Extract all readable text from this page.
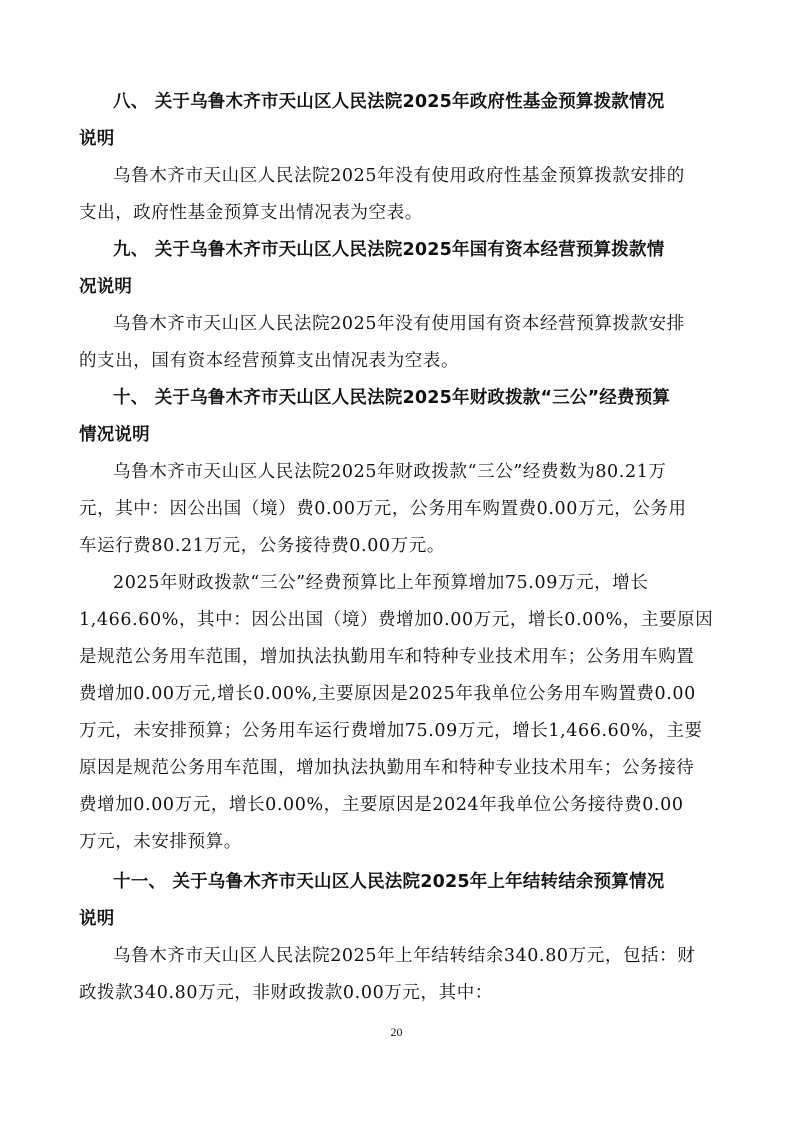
八、 关于乌鲁木齐市天山区人民法院2025年政府性基金预算拨款情况
说明
乌鲁木齐市天山区人民法院2025年没有使用政府性基金预算拨款安排的
支出，政府性基金预算支出情况表为空表。
九、 关于乌鲁木齐市天山区人民法院2025年国有资本经营预算拨款情
况说明
乌鲁木齐市天山区人民法院2025年没有使用国有资本经营预算拨款安排
的支出，国有资本经营预算支出情况表为空表。
十、 关于乌鲁木齐市天山区人民法院2025年财政拨款“三公”经费预算
情况说明
乌鲁木齐市天山区人民法院2025年财政拨款“三公”经费数为80.21万
元，其中：因公出国（境）费0.00万元，公务用车购置费0.00万元，公务用
车运行费80.21万元，公务接待费0.00万元。
2025年财政拨款“三公”经费预算比上年预算增加75.09万元，增长
1,466.60%，其中：因公出国（境）费增加0.00万元，增长0.00%，主要原因
是规范公务用车范围，增加执法执勤用车和特种专业技术用车；公务用车购置
费增加0.00万元,增长0.00%,主要原因是2025年我单位公务用车购置费0.00
万元，未安排预算；公务用车运行费增加75.09万元，增长1,466.60%，主要
原因是规范公务用车范围，增加执法执勤用车和特种专业技术用车；公务接待
费增加0.00万元，增长0.00%，主要原因是2024年我单位公务接待费0.00
万元，未安排预算。
十一、 关于乌鲁木齐市天山区人民法院2025年上年结转结余预算情况
说明
乌鲁木齐市天山区人民法院2025年上年结转结余340.80万元，包括：财
政拨款340.80万元，非财政拨款0.00万元，其中：
20
